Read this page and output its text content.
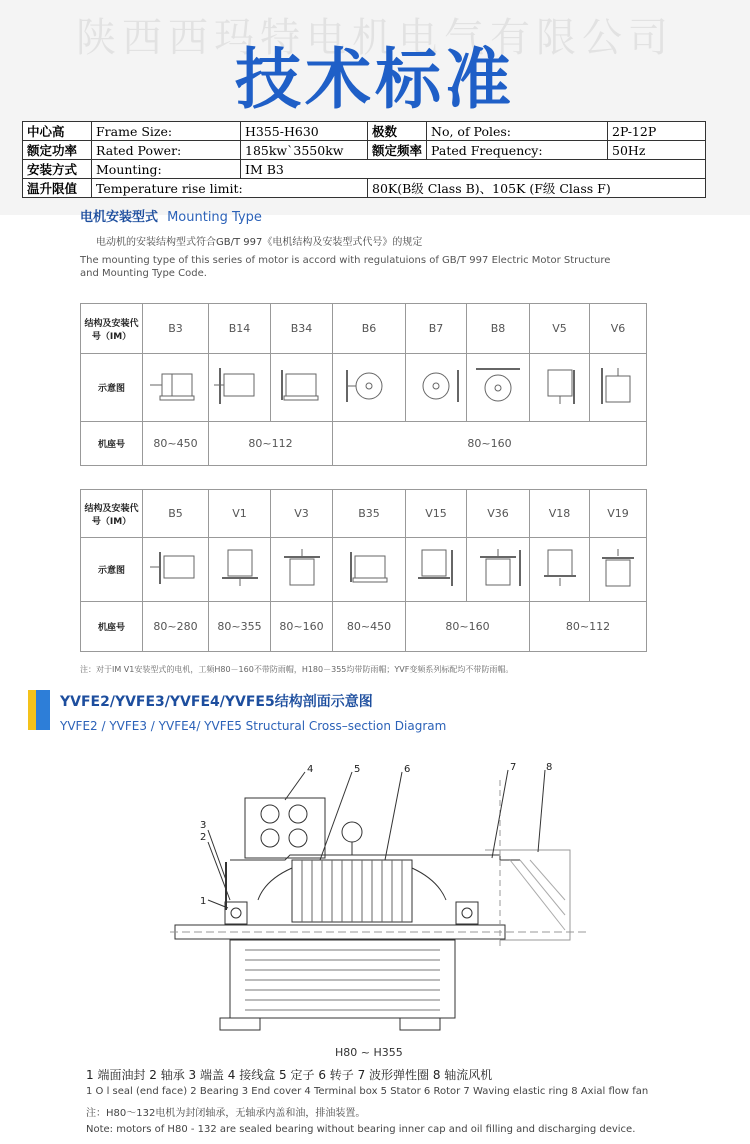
陕西西玛特电机电气有限公司
技术标准
中心高	Frame Size:	H355-H630	极数	No, of Poles:	2P-12P
额定功率	Rated Power:	185kw`3550kw	额定频率	Pated Frequency:	50Hz
安装方式	Mounting:	IM B3			
温升限值	Temperature rise limit:		80K(B级 Class B)、105K (F级 Class F)		
电机安装型式 Mounting Type
电动机的安装结构型式符合GB/T 997《电机结构及安装型式代号》的规定
The mounting type of this series of motor is accord with regulatuions of GB/T 997 Electric Motor Structure and Mounting Type Code.
结构及安装代号（IM）	B3	B14	B34	B6	B7	B8	V5	V6
示意图								
机座号	80~450	80~112		80~160				
结构及安装代号（IM）	B5	V1	V3	B35	V15	V36	V18	V19
示意图								
机座号	80~280	80~355	80~160	80~450	80~160		80~112	
注：对于IM V1安装型式的电机，工频H80－160不带防雨帽，H180－355均带防雨帽；YVF变频系列标配均不带防雨帽。
YVFE2/YVFE3/YVFE4/YVFE5结构剖面示意图
YVFE2 / YVFE3 / YVFE4/ YVFE5 Structural Cross–section Diagram
3
2
1
4	5	6	7	8
H80 ~ H355
1 端面油封 2 轴承 3 端盖 4 接线盒 5 定子 6 转子 7 波形弹性圈 8 轴流风机
1 O l seal (end face) 2 Bearing 3 End cover 4 Terminal box 5 Stator 6 Rotor 7 Waving elastic ring 8 Axial flow fan
注：H80～132电机为封闭轴承，无轴承内盖和油，排油装置。
Note: motors of H80 - 132 are sealed bearing without bearing inner cap and oil filling and discharging device.
